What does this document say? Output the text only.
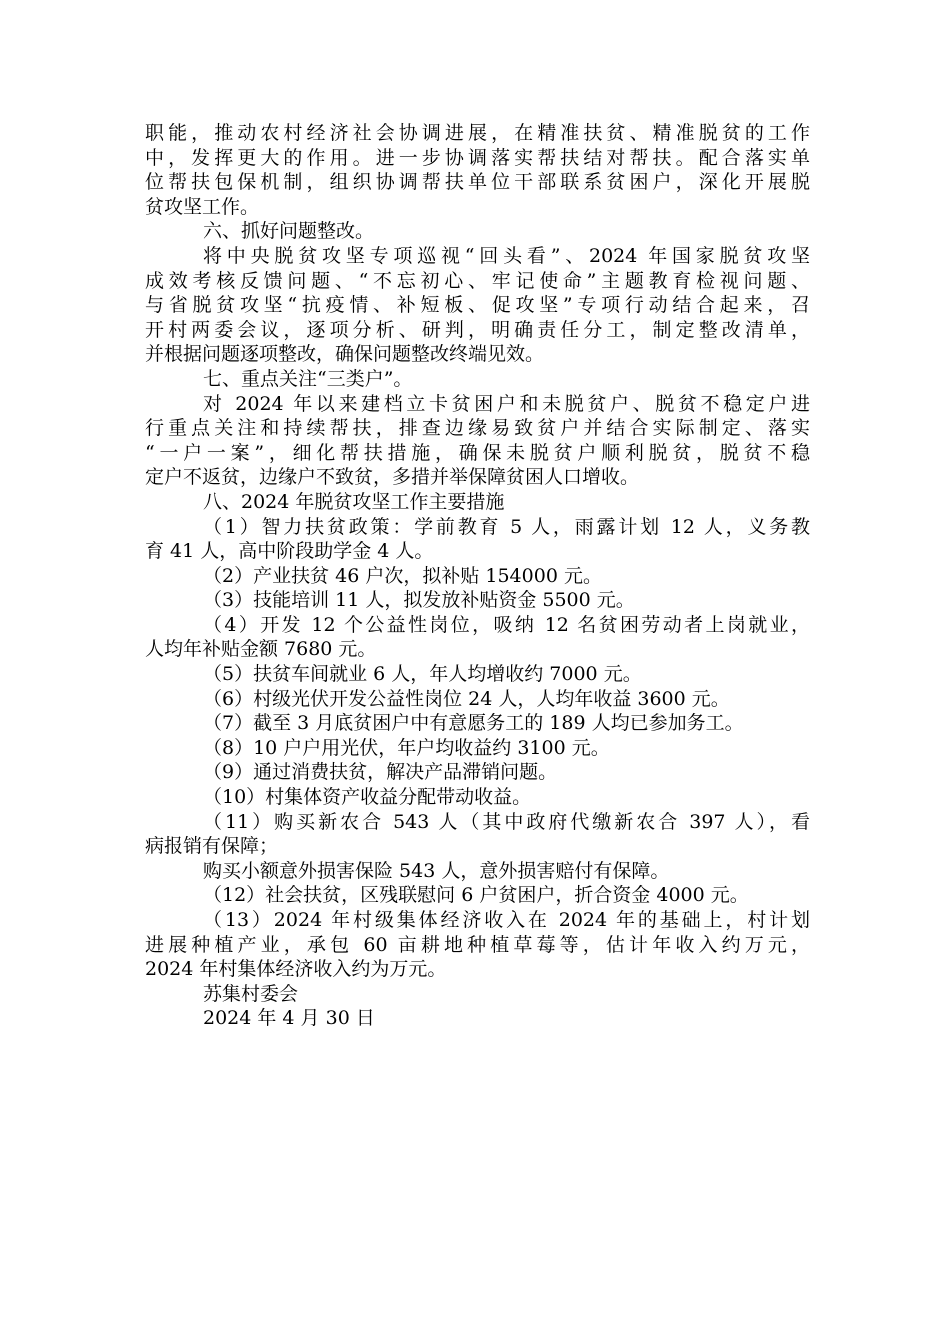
职能，推动农村经济社会协调进展，在精准扶贫、精准脱贫的工作
中，发挥更大的作用。进一步协调落实帮扶结对帮扶。配合落实单
位帮扶包保机制，组织协调帮扶单位干部联系贫困户，深化开展脱
贫攻坚工作。
六、抓好问题整改。
将中央脱贫攻坚专项巡视“回头看”、2024 年国家脱贫攻坚
成效考核反馈问题、“不忘初心、牢记使命”主题教育检视问题、
与省脱贫攻坚“抗疫情、补短板、促攻坚”专项行动结合起来，召
开村两委会议，逐项分析、研判，明确责任分工，制定整改清单，
并根据问题逐项整改，确保问题整改终端见效。
七、重点关注“三类户”。
对 2024 年以来建档立卡贫困户和未脱贫户、脱贫不稳定户进
行重点关注和持续帮扶，排查边缘易致贫户并结合实际制定、落实
“一户一案”，细化帮扶措施，确保未脱贫户顺利脱贫，脱贫不稳
定户不返贫，边缘户不致贫，多措并举保障贫困人口增收。
八、2024 年脱贫攻坚工作主要措施
（1）智力扶贫政策：学前教育 5 人，雨露计划 12 人，义务教
育 41 人，高中阶段助学金 4 人。
（2）产业扶贫 46 户次，拟补贴 154000 元。
（3）技能培训 11 人，拟发放补贴资金 5500 元。
（4）开发 12 个公益性岗位，吸纳 12 名贫困劳动者上岗就业，
人均年补贴金额 7680 元。
（5）扶贫车间就业 6 人，年人均增收约 7000 元。
（6）村级光伏开发公益性岗位 24 人，人均年收益 3600 元。
（7）截至 3 月底贫困户中有意愿务工的 189 人均已参加务工。
（8）10 户户用光伏，年户均收益约 3100 元。
（9）通过消费扶贫，解决产品滞销问题。
（10）村集体资产收益分配带动收益。
（11）购买新农合 543 人（其中政府代缴新农合 397 人），看
病报销有保障；
购买小额意外损害保险 543 人，意外损害赔付有保障。
（12）社会扶贫，区残联慰问 6 户贫困户，折合资金 4000 元。
（13）2024 年村级集体经济收入在 2024 年的基础上，村计划
进展种植产业，承包 60 亩耕地种植草莓等，估计年收入约万元，
2024 年村集体经济收入约为万元。
苏集村委会
2024 年 4 月 30 日
